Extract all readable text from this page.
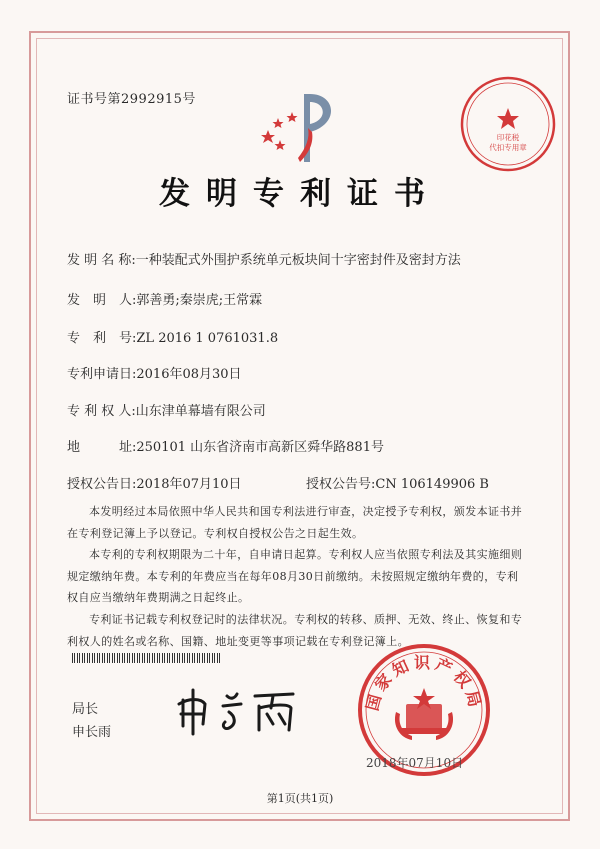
证书号第2992915号
印花税
代扣专用章
发明专利证书
发 明 名 称:一种装配式外围护系统单元板块间十字密封件及密封方法
发　明　人:郭善勇;秦崇虎;王常霖
专　利　号:ZL 2016 1 0761031.8
专利申请日:2016年08月30日
专 利 权 人:山东津单幕墙有限公司
地　　　址:250101 山东省济南市高新区舜华路881号
授权公告日:2018年07月10日	授权公告号:CN 106149906 B
本发明经过本局依照中华人民共和国专利法进行审查，决定授予专利权，颁发本证书并在专利登记簿上予以登记。专利权自授权公告之日起生效。
本专利的专利权期限为二十年，自申请日起算。专利权人应当依照专利法及其实施细则规定缴纳年费。本专利的年费应当在每年08月30日前缴纳。未按照规定缴纳年费的，专利权自应当缴纳年费期满之日起终止。
专利证书记载专利权登记时的法律状况。专利权的转移、质押、无效、终止、恢复和专利权人的姓名或名称、国籍、地址变更等事项记载在专利登记簿上。
局长
申长雨
国家知识产权局
2018年07月10日
第1页(共1页)
